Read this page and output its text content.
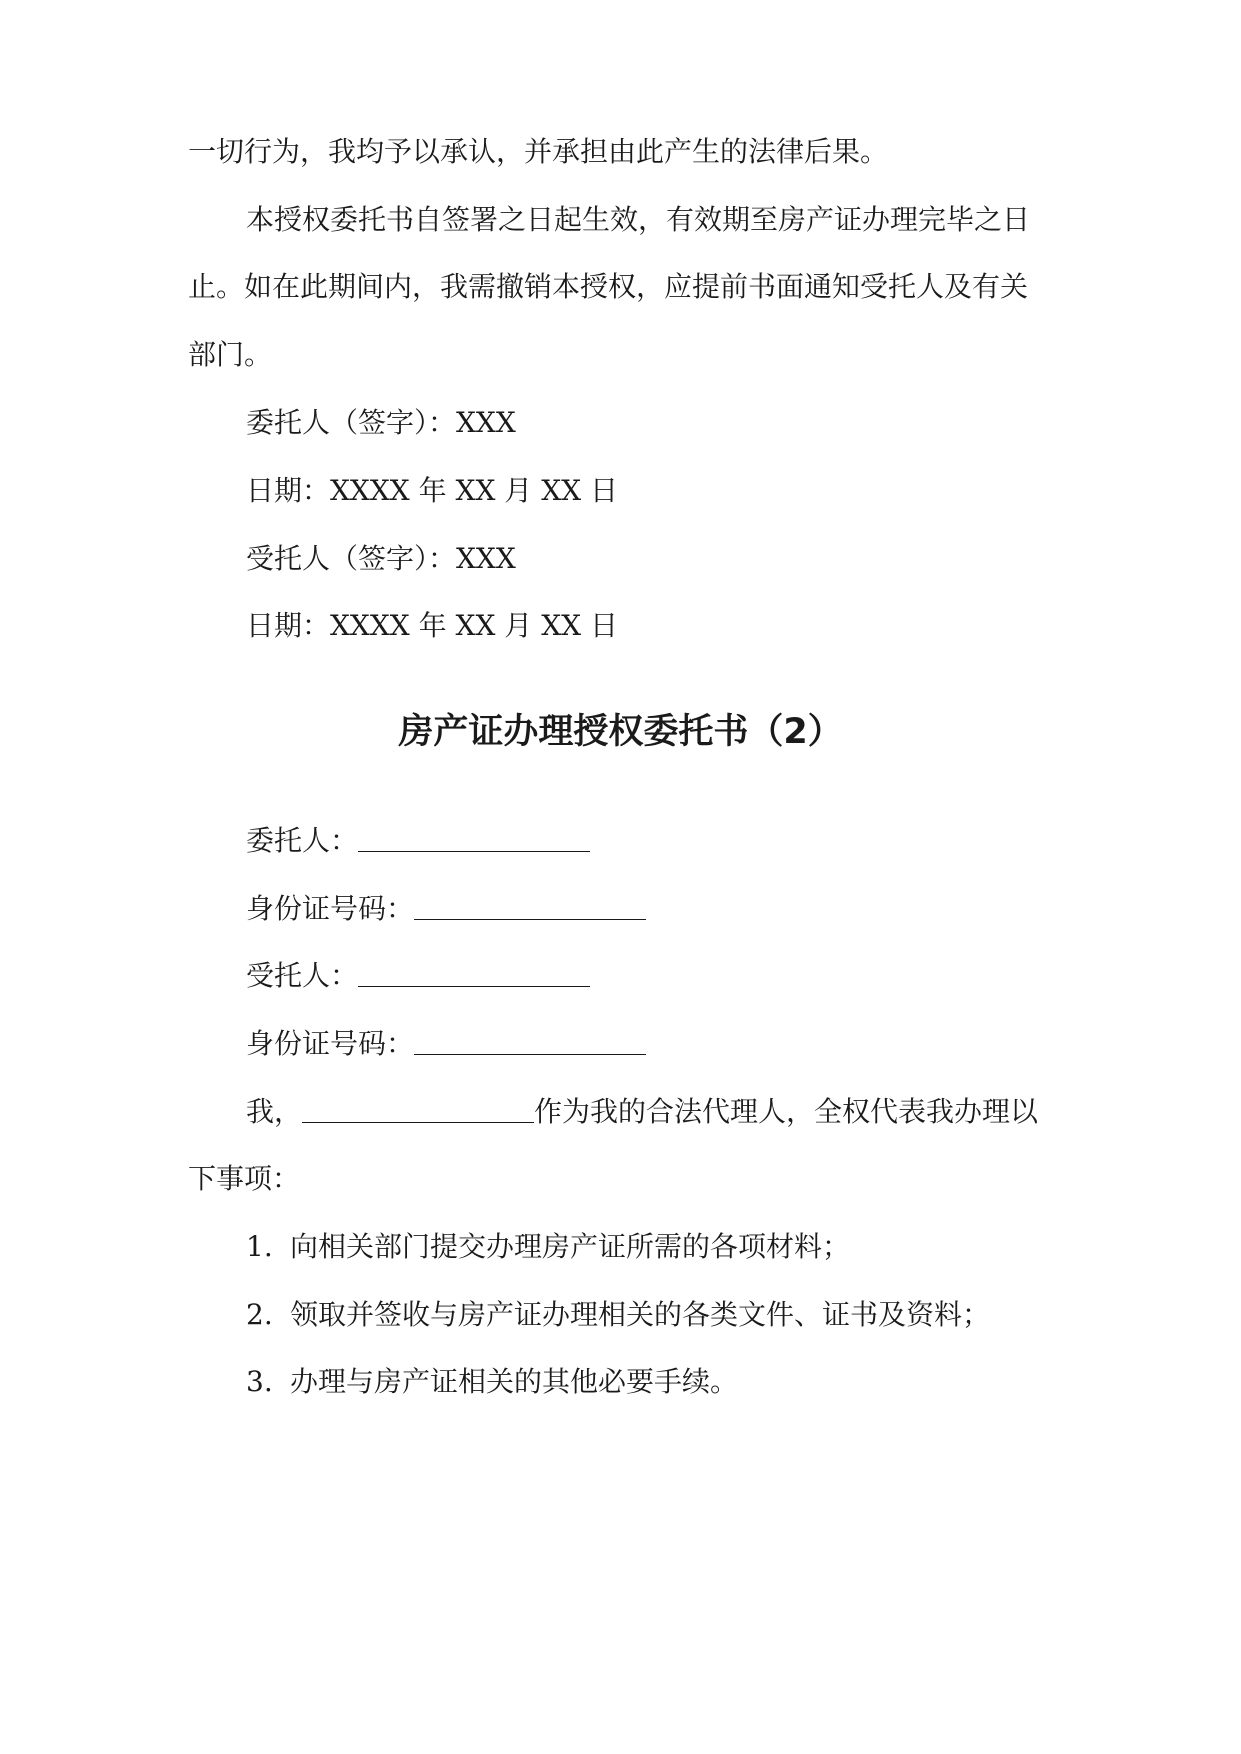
一切行为，我均予以承认，并承担由此产生的法律后果。
本授权委托书自签署之日起生效，有效期至房产证办理完毕之日
止。如在此期间内，我需撤销本授权，应提前书面通知受托人及有关
部门。
委托人（签字）：XXX
日期：XXXX 年 XX 月 XX 日
受托人（签字）：XXX
日期：XXXX 年 XX 月 XX 日
房产证办理授权委托书（2）
委托人：
身份证号码：
受托人：
身份证号码：
我，	作为我的合法代理人，全权代表我办理以
下事项：
1. 向相关部门提交办理房产证所需的各项材料；
2. 领取并签收与房产证办理相关的各类文件、证书及资料；
3. 办理与房产证相关的其他必要手续。
